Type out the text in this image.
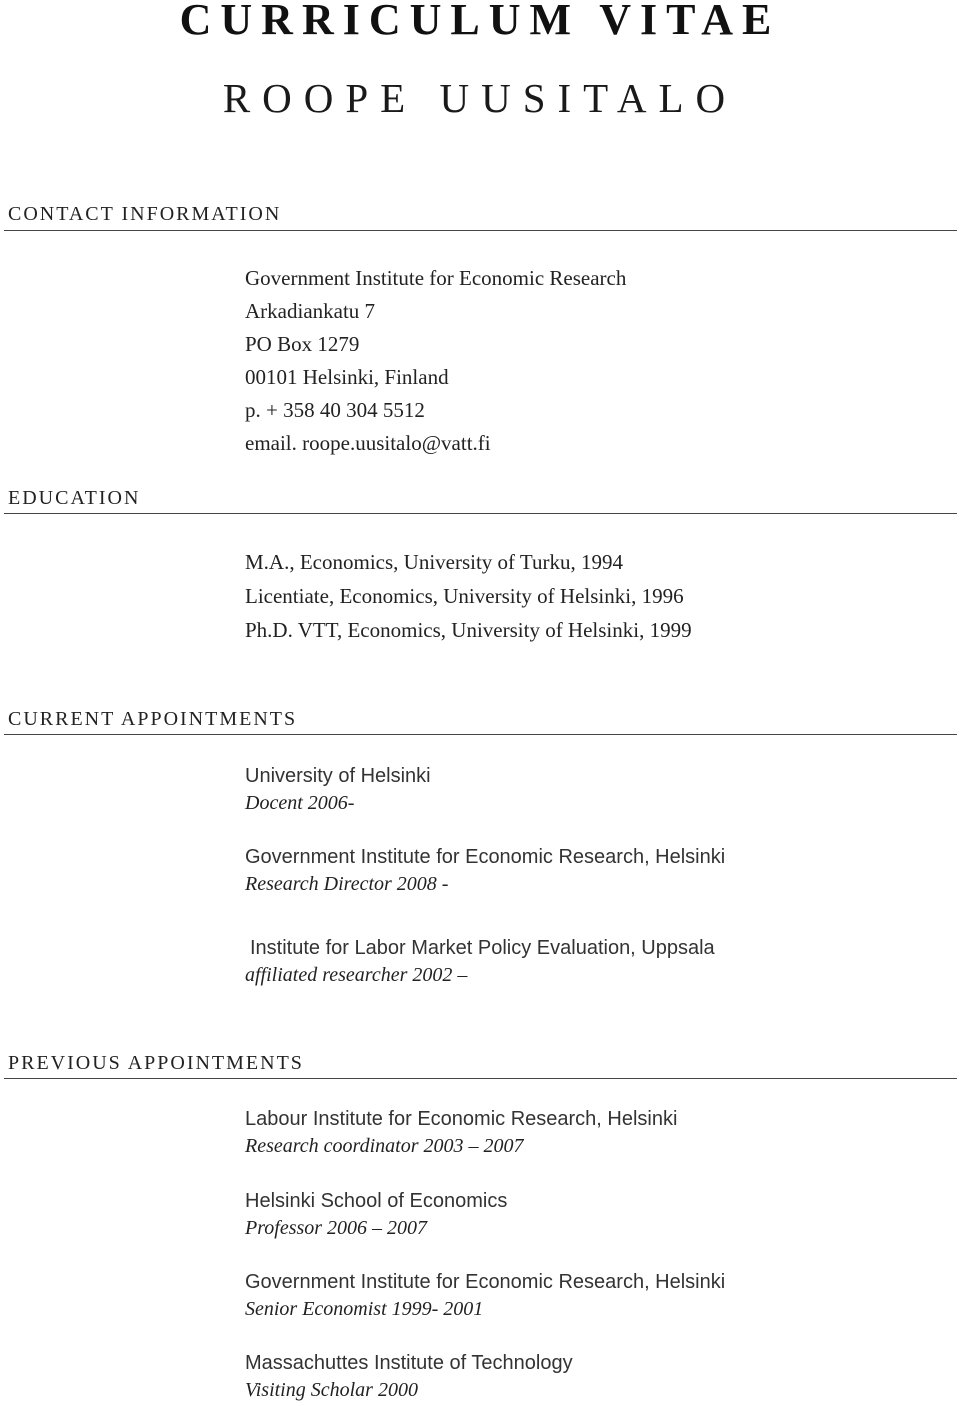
CURRICULUM VITAE
ROOPE UUSITALO
CONTACT INFORMATION
Government Institute for Economic Research
Arkadiankatu 7
PO Box 1279
00101 Helsinki, Finland
p. + 358 40 304 5512
email. roope.uusitalo@vatt.fi
EDUCATION
M.A., Economics, University of Turku, 1994
Licentiate, Economics, University of Helsinki, 1996
Ph.D. VTT, Economics, University of Helsinki, 1999
CURRENT APPOINTMENTS
University of Helsinki
Docent 2006-
Government Institute for Economic Research, Helsinki
Research Director 2008 -
Institute for Labor Market Policy Evaluation, Uppsala
affiliated researcher 2002 –
PREVIOUS APPOINTMENTS
Labour Institute for Economic Research, Helsinki
Research coordinator 2003 – 2007
Helsinki School of Economics
Professor 2006 – 2007
Government Institute for Economic Research, Helsinki
Senior Economist 1999- 2001
Massachuttes Institute of Technology
Visiting Scholar 2000
